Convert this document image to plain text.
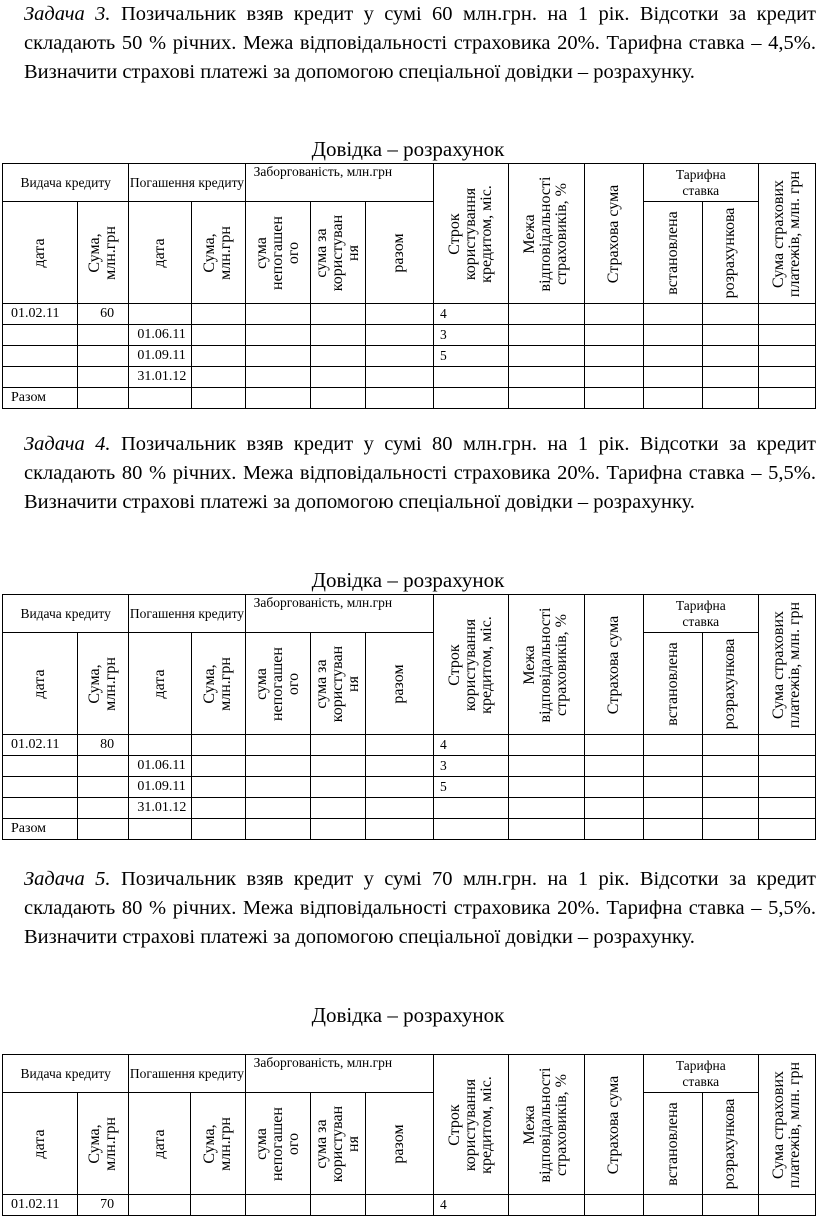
Задача 3. Позичальник взяв кредит у сумі 60 млн.грн. на 1 рік. Відсотки за кредит складають 50 % річних. Межа відповідальності страховика 20%. Тарифна ставка – 4,5%. Визначити страхові платежі за допомогою спеціальної довідки – розрахунку.
Довідка – розрахунок
Видача кредиту		Погашення кредиту		Заборгованість, млн.грн			Строк користування кредитом, міс.	Межа відповідальності страховиків, %	Страхова сума	Тарифна ставка		Сума страхових платежів, млн. грн

дата	Сума, млн.грн	дата	Сума, млн.грн	сума непогашен ого	сума за користуван ня	разом				встановлена	розрахункова	

01.02.11	60						4					
		01.06.11					3					
		01.09.11					5					
		31.01.12										
Разом												
Задача 4. Позичальник взяв кредит у сумі 80 млн.грн. на 1 рік. Відсотки за кредит складають 80 % річних. Межа відповідальності страховика 20%. Тарифна ставка – 5,5%. Визначити страхові платежі за допомогою спеціальної довідки – розрахунку.
Довідка – розрахунок
Видача кредиту		Погашення кредиту		Заборгованість, млн.грн			Строк користування кредитом, міс.	Межа відповідальності страховиків, %	Страхова сума	Тарифна ставка		Сума страхових платежів, млн. грн

дата	Сума, млн.грн	дата	Сума, млн.грн	сума непогашен ого	сума за користуван ня	разом				встановлена	розрахункова	

01.02.11	80						4					
		01.06.11					3					
		01.09.11					5					
		31.01.12										
Разом												
Задача 5. Позичальник взяв кредит у сумі 70 млн.грн. на 1 рік. Відсотки за кредит складають 80 % річних. Межа відповідальності страховика 20%. Тарифна ставка – 5,5%. Визначити страхові платежі за допомогою спеціальної довідки – розрахунку.
Довідка – розрахунок
Видача кредиту		Погашення кредиту		Заборгованість, млн.грн			Строк користування кредитом, міс.	Межа відповідальності страховиків, %	Страхова сума	Тарифна ставка		Сума страхових платежів, млн. грн

дата	Сума, млн.грн	дата	Сума, млн.грн	сума непогашен ого	сума за користуван ня	разом				встановлена	розрахункова	

01.02.11	70						4					
